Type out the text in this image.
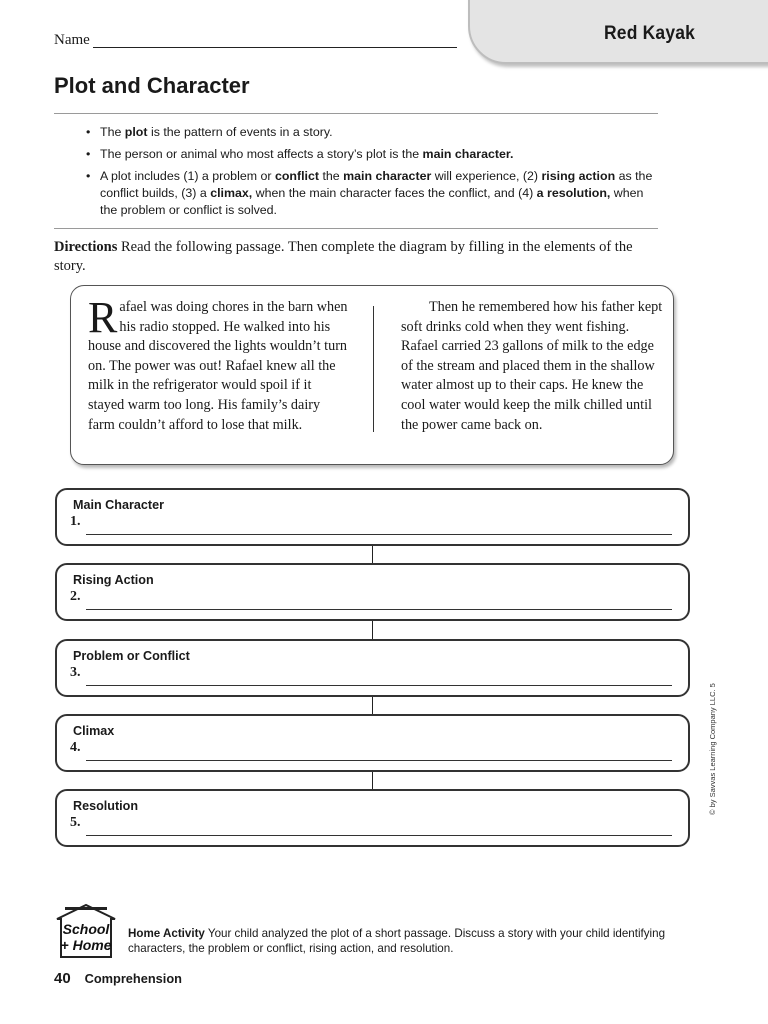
Red Kayak
Name
Plot and Character
• The plot is the pattern of events in a story.
• The person or animal who most affects a story’s plot is the main character.
• A plot includes (1) a problem or conflict the main character will experience, (2) rising action as the conflict builds, (3) a climax, when the main character faces the conflict, and (4) a resolution, when the problem or conflict is solved.
Directions Read the following passage. Then complete the diagram by filling in the elements of the story.
Rafael was doing chores in the barn when his radio stopped. He walked into his house and discovered the lights wouldn’t turn on. The power was out! Rafael knew all the milk in the refrigerator would spoil if it stayed warm too long. His family’s dairy farm couldn’t afford to lose that milk.
Then he remembered how his father kept soft drinks cold when they went fishing. Rafael carried 23 gallons of milk to the edge of the stream and placed them in the shallow water almost up to their caps. He knew the cool water would keep the milk chilled until the power came back on.
Main Character
1.
Rising Action
2.
Problem or Conflict
3.
Climax
4.
Resolution
5.
© by Savvas Learning Company LLC. 5
School
+ Home
Home Activity Your child analyzed the plot of a short passage. Discuss a story with your child identifying characters, the problem or conflict, rising action, and resolution.
40 Comprehension
